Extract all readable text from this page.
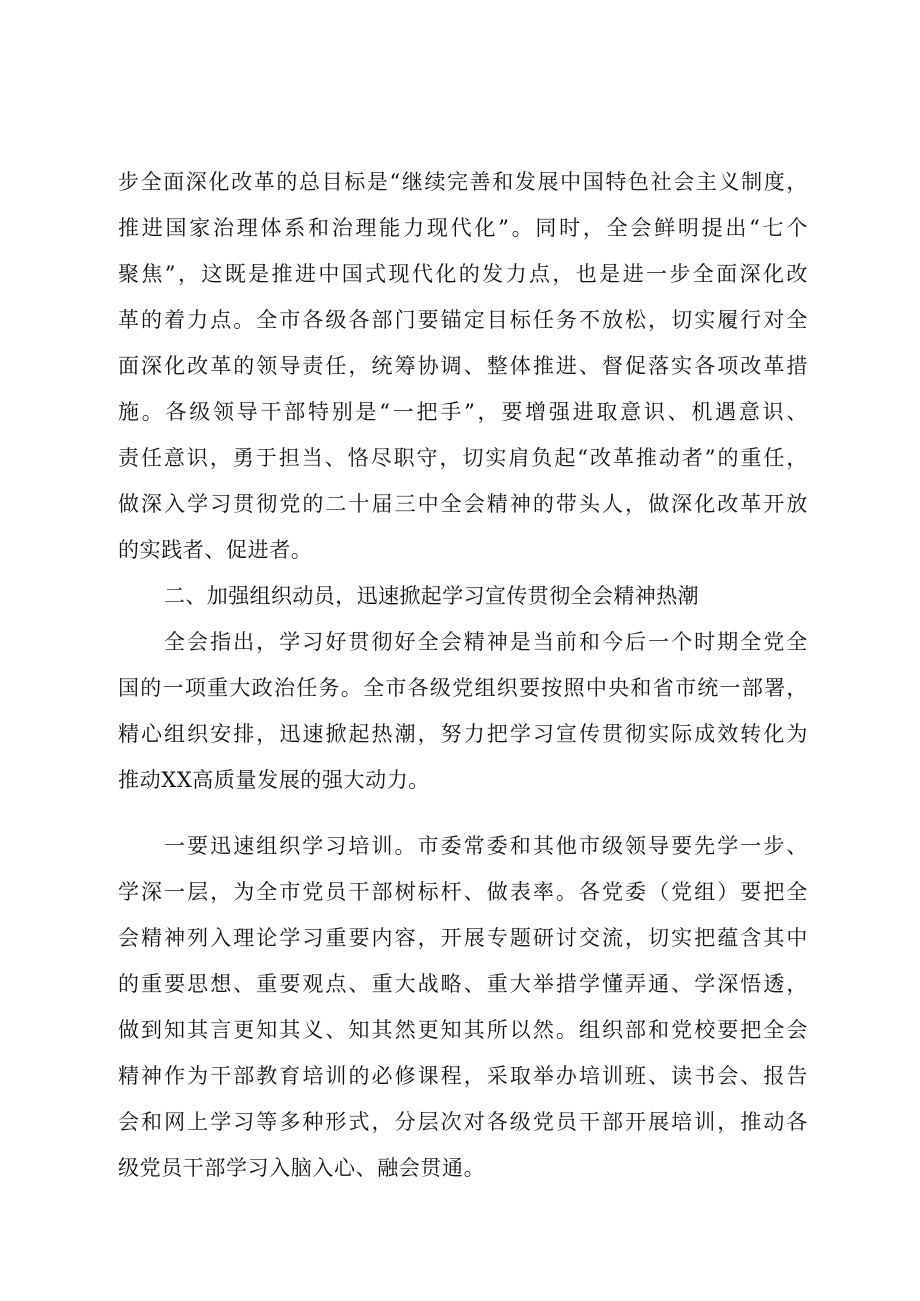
步全面深化改革的总目标是“继续完善和发展中国特色社会主义制度，
推进国家治理体系和治理能力现代化”。同时，全会鲜明提出“七个
聚焦”，这既是推进中国式现代化的发力点，也是进一步全面深化改
革的着力点。全市各级各部门要锚定目标任务不放松，切实履行对全
面深化改革的领导责任，统筹协调、整体推进、督促落实各项改革措
施。各级领导干部特别是“一把手”，要增强进取意识、机遇意识、
责任意识，勇于担当、恪尽职守，切实肩负起“改革推动者”的重任，
做深入学习贯彻党的二十届三中全会精神的带头人，做深化改革开放
的实践者、促进者。
二、加强组织动员，迅速掀起学习宣传贯彻全会精神热潮
全会指出，学习好贯彻好全会精神是当前和今后一个时期全党全
国的一项重大政治任务。全市各级党组织要按照中央和省市统一部署，
精心组织安排，迅速掀起热潮，努力把学习宣传贯彻实际成效转化为
推动XX高质量发展的强大动力。
一要迅速组织学习培训。市委常委和其他市级领导要先学一步、
学深一层，为全市党员干部树标杆、做表率。各党委（党组）要把全
会精神列入理论学习重要内容，开展专题研讨交流，切实把蕴含其中
的重要思想、重要观点、重大战略、重大举措学懂弄通、学深悟透，
做到知其言更知其义、知其然更知其所以然。组织部和党校要把全会
精神作为干部教育培训的必修课程，采取举办培训班、读书会、报告
会和网上学习等多种形式，分层次对各级党员干部开展培训，推动各
级党员干部学习入脑入心、融会贯通。
